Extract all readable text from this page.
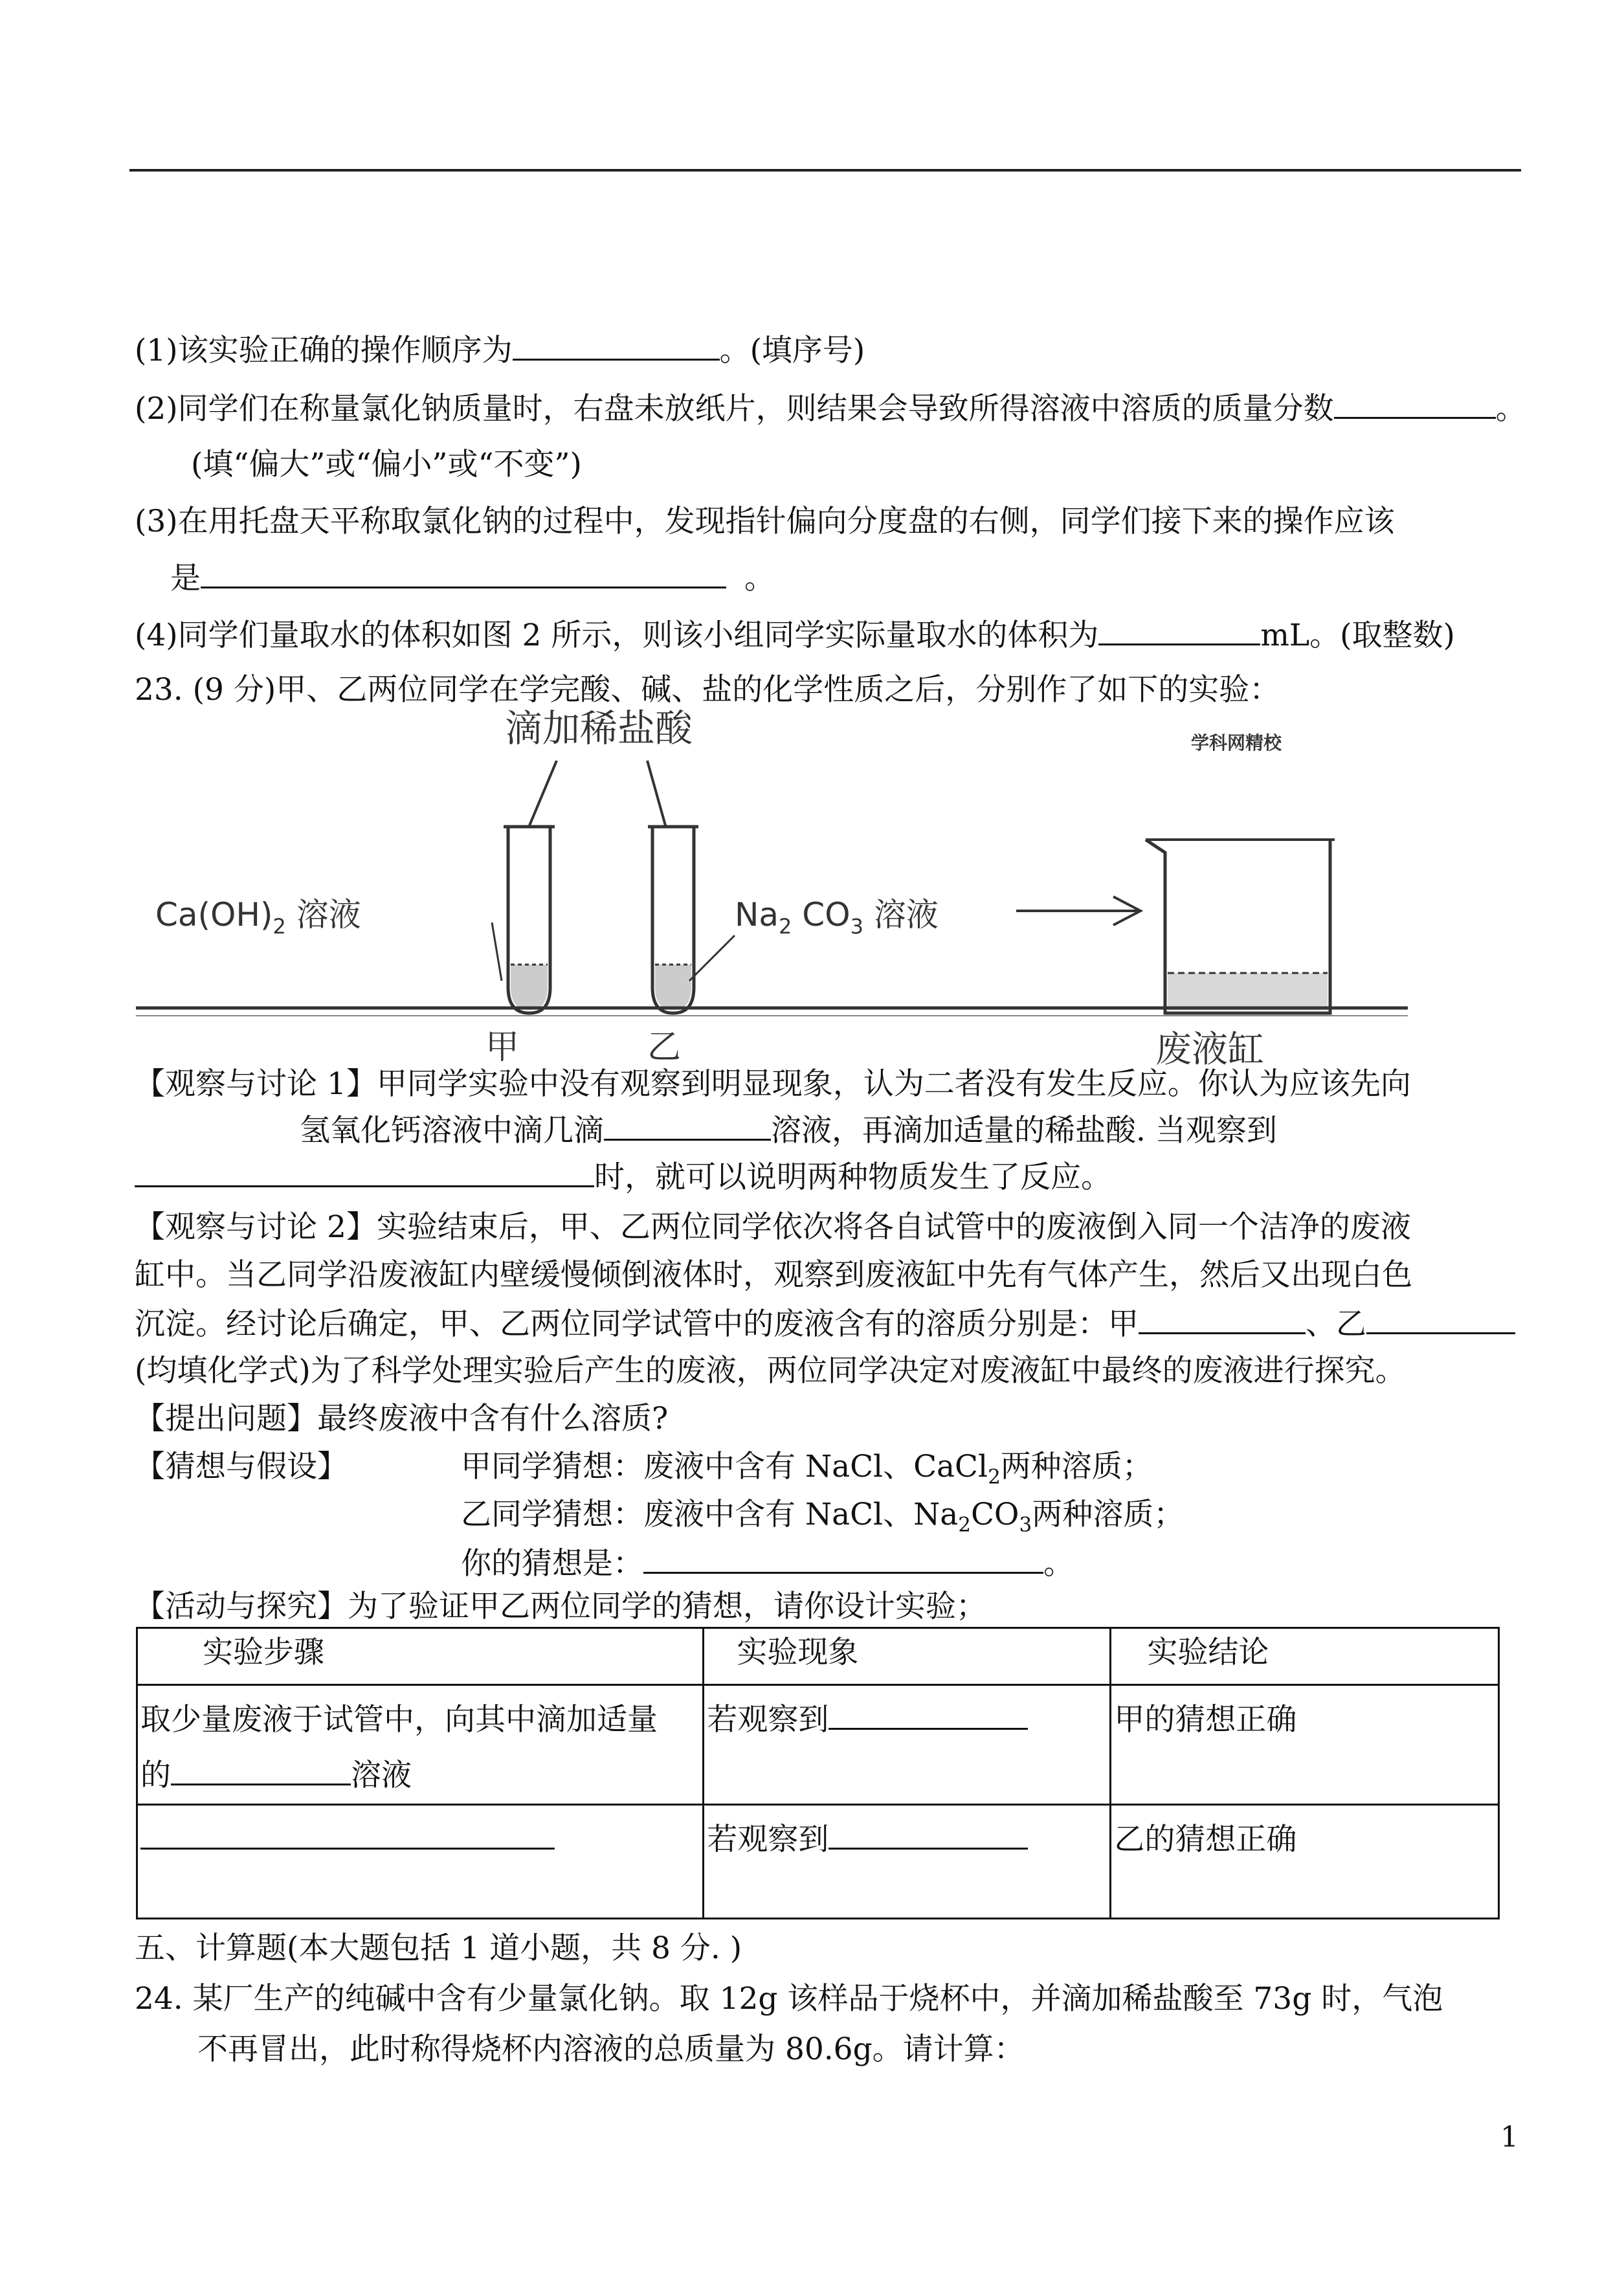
(1)该实验正确的操作顺序为	。(填序号)
(2)同学们在称量氯化钠质量时，右盘未放纸片，则结果会导致所得溶液中溶质的质量分数	。
(填“偏大”或“偏小”或“不变”)
(3)在用托盘天平称取氯化钠的过程中，发现指针偏向分度盘的右侧，同学们接下来的操作应该
是	。
(4)同学们量取水的体积如图 2 所示，则该小组同学实际量取水的体积为	mL。(取整数)
23. (9 分)甲、乙两位同学在学完酸、碱、盐的化学性质之后，分别作了如下的实验：
滴加稀盐酸	学科网精校
$Ca(OH)_2$ 溶液	$Na_2$ $CO_3$ 溶液
甲	乙	废液缸
【观察与讨论 1】甲同学实验中没有观察到明显现象，认为二者没有发生反应。你认为应该先向
氢氧化钙溶液中滴几滴	溶液，再滴加适量的稀盐酸. 当观察到
时，就可以说明两种物质发生了反应。
【观察与讨论 2】实验结束后，甲、乙两位同学依次将各自试管中的废液倒入同一个洁净的废液
缸中。当乙同学沿废液缸内壁缓慢倾倒液体时，观察到废液缸中先有气体产生，然后又出现白色
沉淀。经讨论后确定，甲、乙两位同学试管中的废液含有的溶质分别是：甲	、乙
(均填化学式)为了科学处理实验后产生的废液，两位同学决定对废液缸中最终的废液进行探究。
【提出问题】最终废液中含有什么溶质?
【猜想与假设】	甲同学猜想：废液中含有 NaCl、CaCl$_2$两种溶质；
乙同学猜想：废液中含有 NaCl、$Na_2CO_3$两种溶质；
你的猜想是：	。
【活动与探究】为了验证甲乙两位同学的猜想，请你设计实验；
实验步骤	实验现象	实验结论
取少量废液于试管中，向其中滴加适量
的 溶液	若观察到	甲的猜想正确
	若观察到	乙的猜想正确
五、计算题(本大题包括 1 道小题，共 8 分. )
24. 某厂生产的纯碱中含有少量氯化钠。取 12g 该样品于烧杯中，并滴加稀盐酸至 73g 时，气泡
不再冒出，此时称得烧杯内溶液的总质量为 80.6g。请计算：
1
